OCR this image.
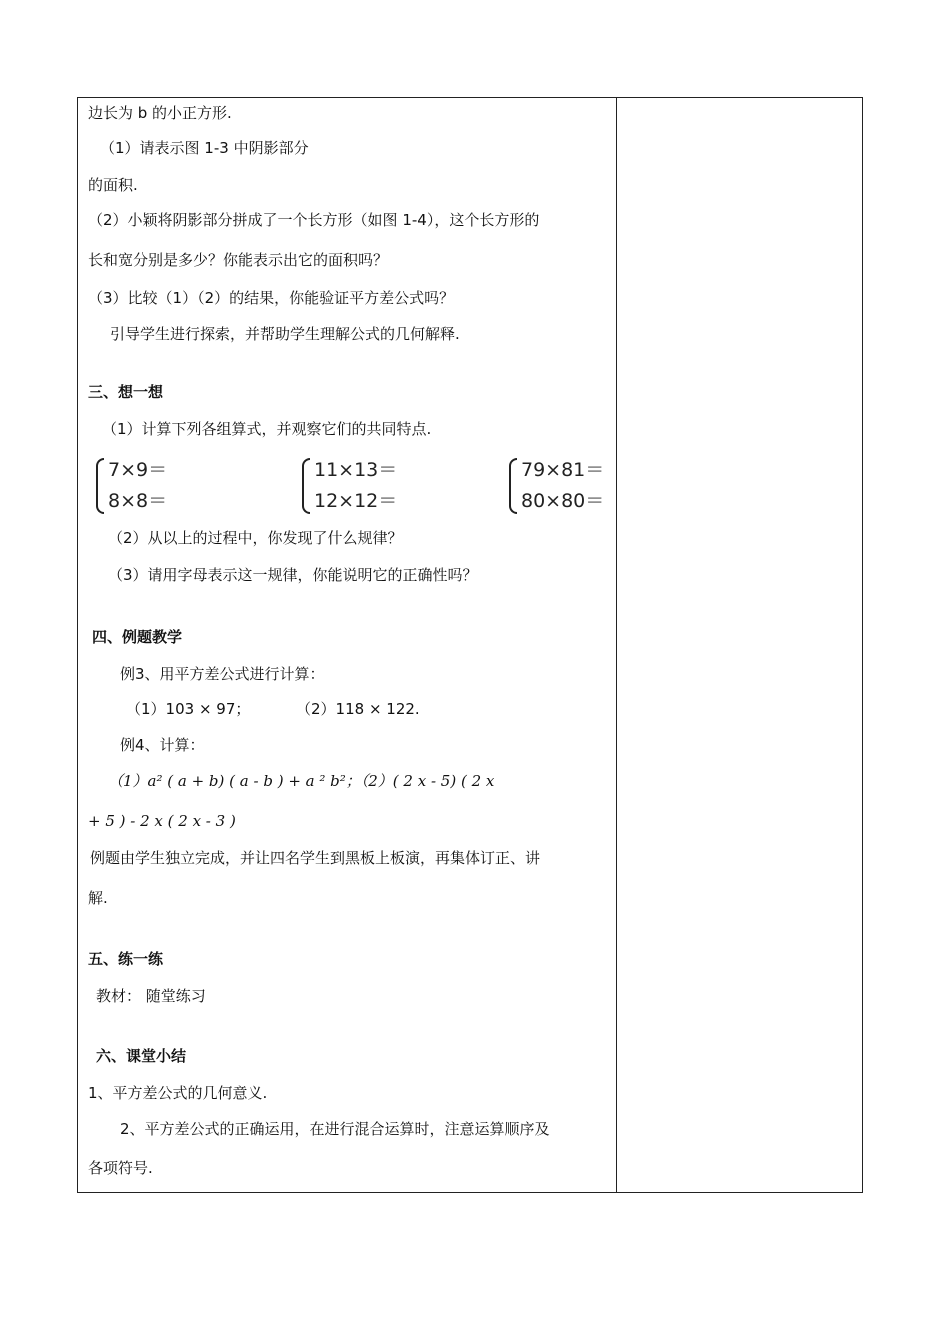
边长为 b 的小正方形.
（1）请表示图 1-3 中阴影部分
的面积.
（2）小颖将阴影部分拼成了一个长方形（如图 1-4），这个长方形的
长和宽分别是多少？你能表示出它的面积吗？
（3）比较（1）（2）的结果，你能验证平方差公式吗？
引导学生进行探索，并帮助学生理解公式的几何解释.
三、想一想
（1）计算下列各组算式，并观察它们的共同特点.
7×9＝
8×8＝
11×13＝
12×12＝
79×81＝
80×80＝
（2）从以上的过程中，你发现了什么规律？
（3）请用字母表示这一规律，你能说明它的正确性吗？
四、例题教学
例3、用平方差公式进行计算：
（1）103 × 97；	（2）118 × 122.
例4、计算：
（1）a² ( a + b) ( a - b ) + a ² b²；（2）( 2 x - 5) ( 2 x
+ 5 ) - 2 x ( 2 x - 3 )
例题由学生独立完成，并让四名学生到黑板上板演，再集体订正、讲
解.
五、练一练
教材： 随堂练习
六、课堂小结
1、平方差公式的几何意义.
2、平方差公式的正确运用，在进行混合运算时，注意运算顺序及
各项符号.
